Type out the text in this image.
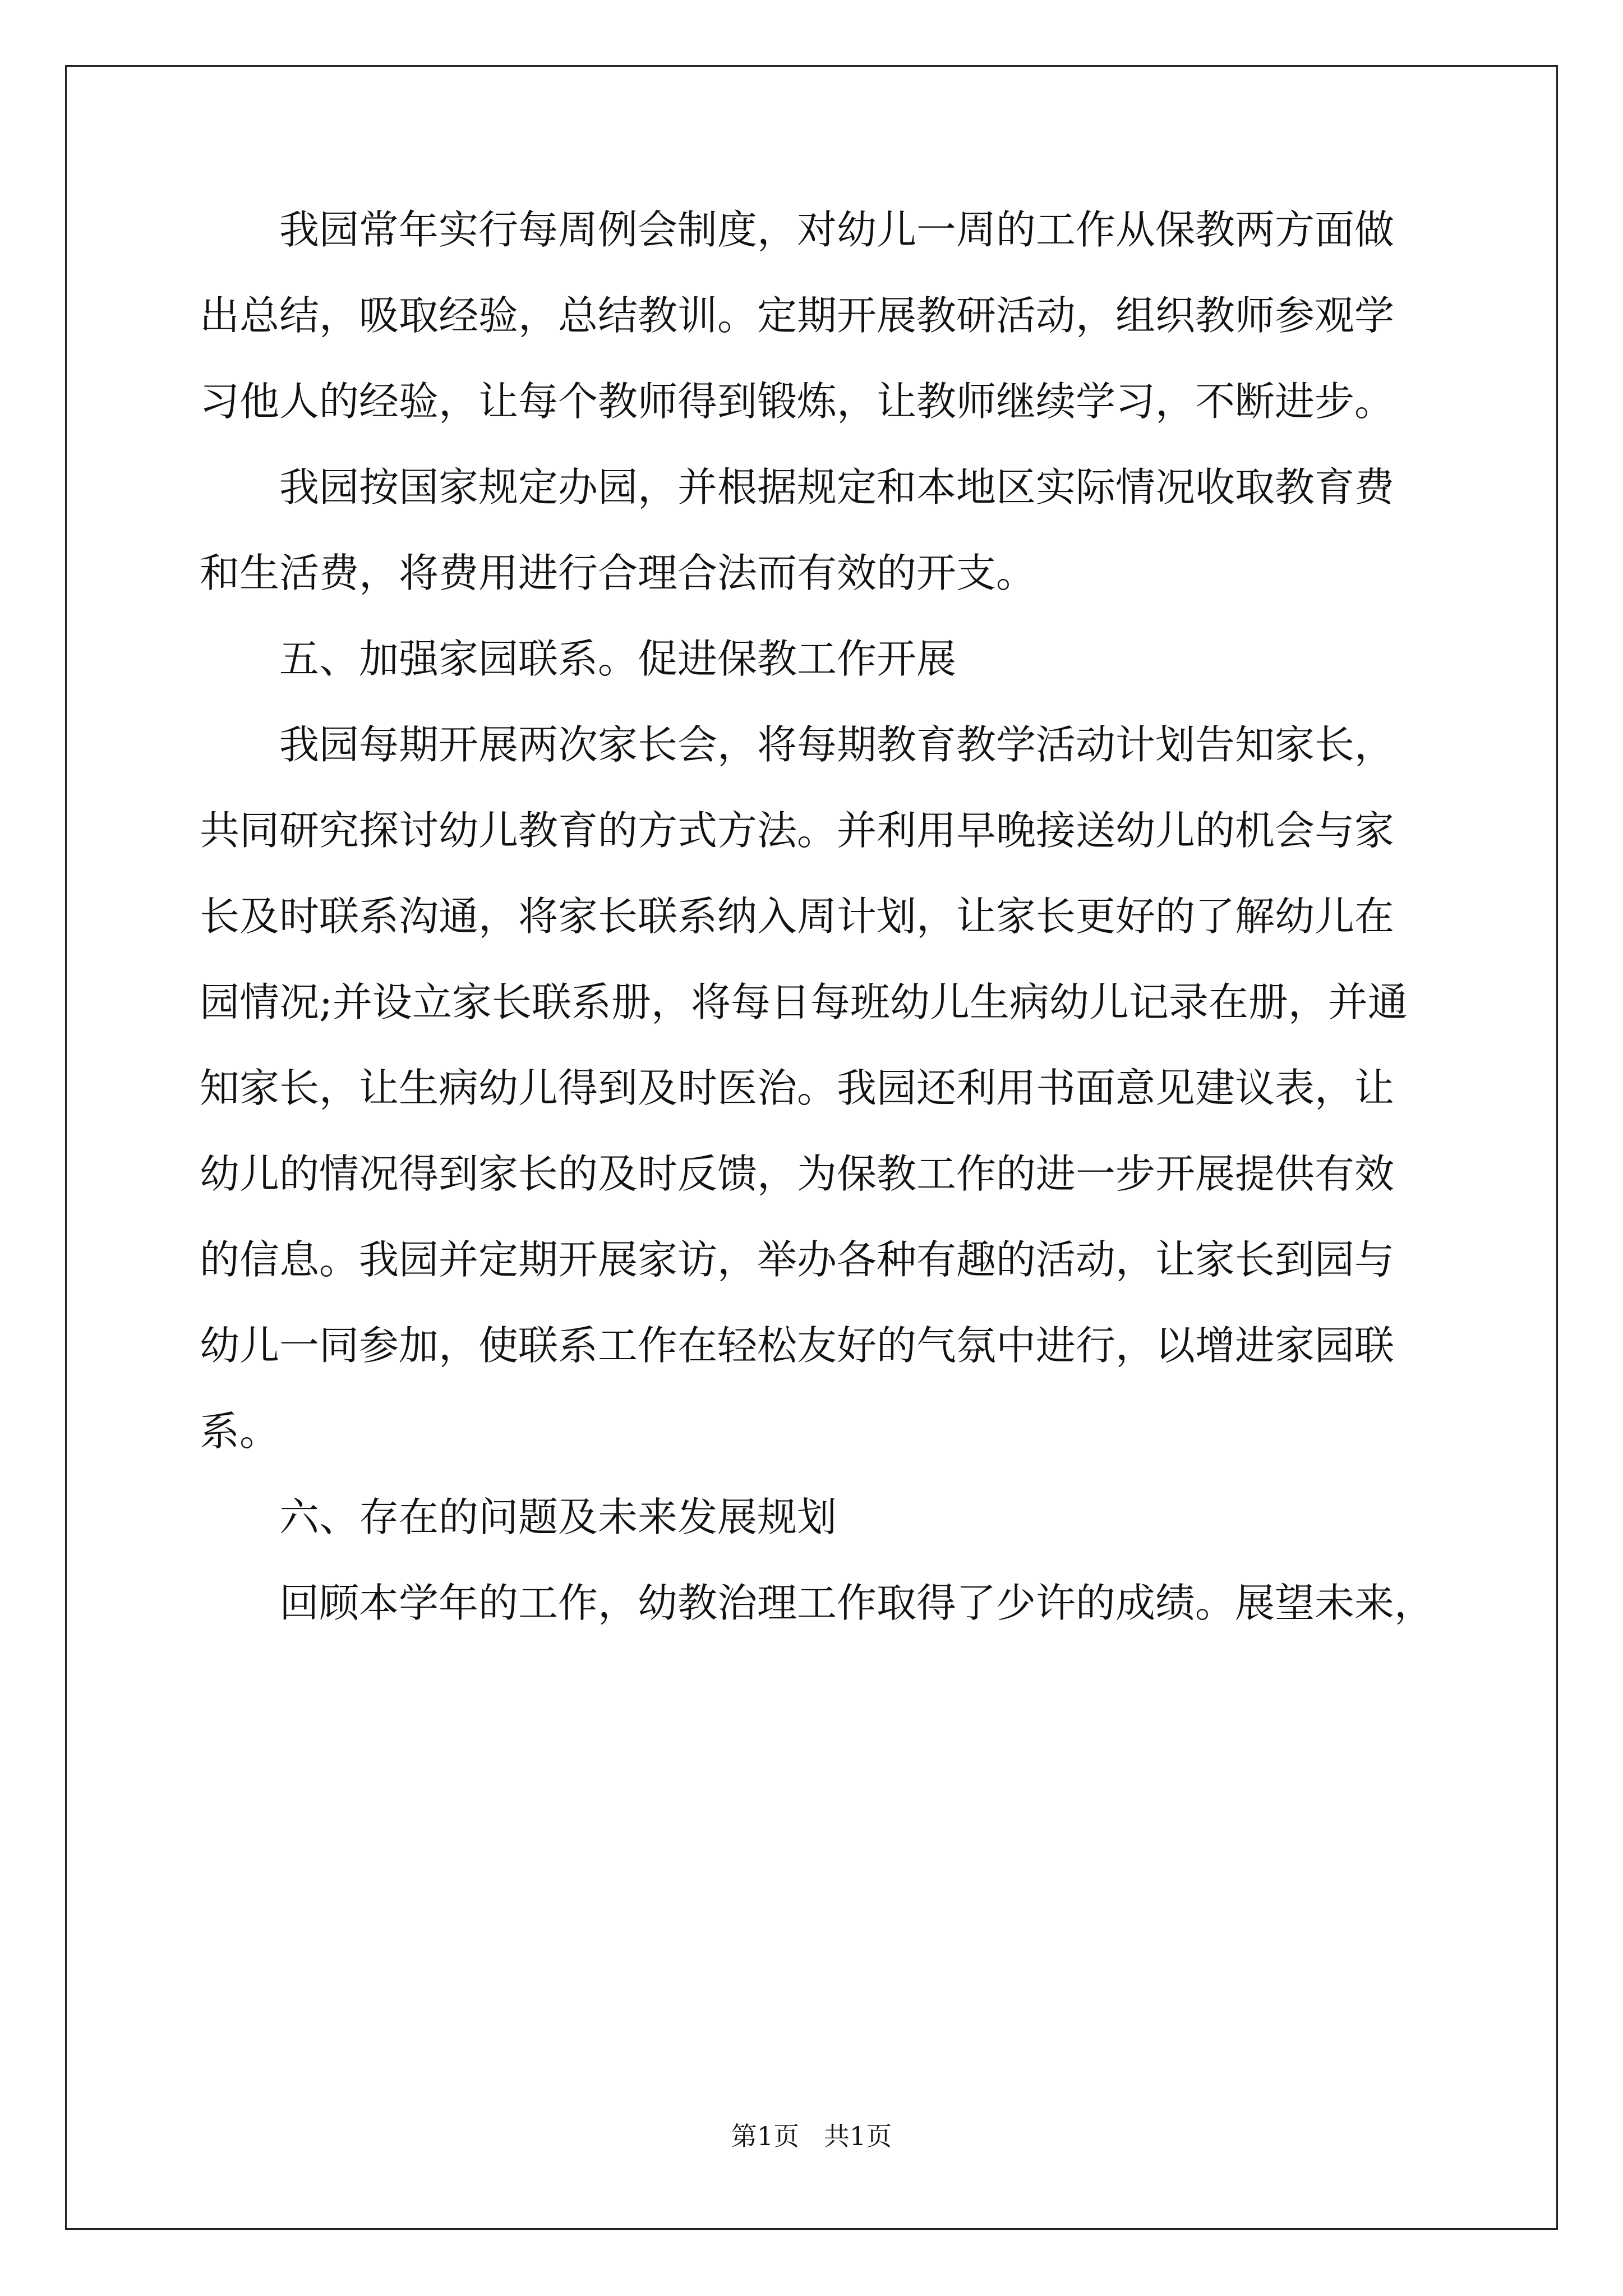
　　我园常年实行每周例会制度，对幼儿一周的工作从保教两方面做

出总结，吸取经验，总结教训。定期开展教研活动，组织教师参观学

习他人的经验，让每个教师得到锻炼，让教师继续学习，不断进步。

　　我园按国家规定办园，并根据规定和本地区实际情况收取教育费

和生活费，将费用进行合理合法而有效的开支。

　　五、加强家园联系。促进保教工作开展

　　我园每期开展两次家长会，将每期教育教学活动计划告知家长，

共同研究探讨幼儿教育的方式方法。并利用早晚接送幼儿的机会与家

长及时联系沟通，将家长联系纳入周计划，让家长更好的了解幼儿在

园情况;并设立家长联系册，将每日每班幼儿生病幼儿记录在册，并通

知家长，让生病幼儿得到及时医治。我园还利用书面意见建议表，让

幼儿的情况得到家长的及时反馈，为保教工作的进一步开展提供有效

的信息。我园并定期开展家访，举办各种有趣的活动，让家长到园与

幼儿一同参加，使联系工作在轻松友好的气氛中进行，以增进家园联

系。

　　六、存在的问题及未来发展规划

　　回顾本学年的工作，幼教治理工作取得了少许的成绩。展望未来，

第1页   共1页
